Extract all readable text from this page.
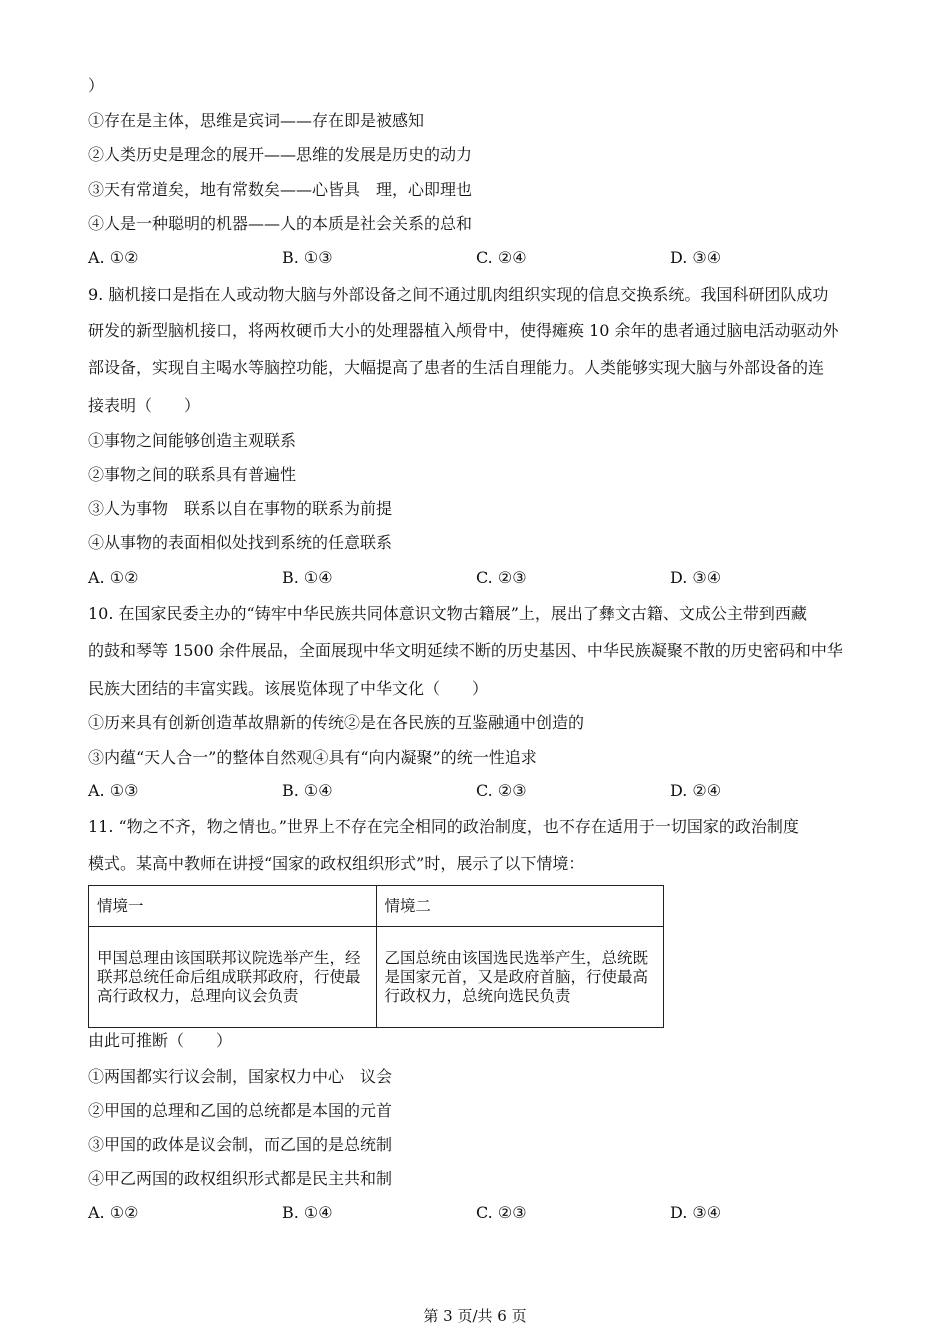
）
①存在是主体，思维是宾词——存在即是被感知
②人类历史是理念的展开——思维的发展是历史的动力
③天有常道矣，地有常数矣——心皆具　理，心即理也
④人是一种聪明的机器——人的本质是社会关系的总和
A. ①②	B. ①③	C. ②④	D. ③④
9. 脑机接口是指在人或动物大脑与外部设备之间不通过肌肉组织实现的信息交换系统。我国科研团队成功
研发的新型脑机接口，将两枚硬币大小的处理器植入颅骨中，使得瘫痪 10 余年的患者通过脑电活动驱动外
部设备，实现自主喝水等脑控功能，大幅提高了患者的生活自理能力。人类能够实现大脑与外部设备的连
接表明（　　）
①事物之间能够创造主观联系
②事物之间的联系具有普遍性
③人为事物　联系以自在事物的联系为前提
④从事物的表面相似处找到系统的任意联系
A. ①②	B. ①④	C. ②③	D. ③④
10. 在国家民委主办的“铸牢中华民族共同体意识文物古籍展”上，展出了彝文古籍、文成公主带到西藏
的鼓和琴等 1500 余件展品，全面展现中华文明延续不断的历史基因、中华民族凝聚不散的历史密码和中华
民族大团结的丰富实践。该展览体现了中华文化（　　）
①历来具有创新创造革故鼎新的传统②是在各民族的互鉴融通中创造的
③内蕴“天人合一”的整体自然观④具有“向内凝聚”的统一性追求
A. ①③	B. ①④	C. ②③	D. ②④
11. “物之不齐，物之情也。”世界上不存在完全相同的政治制度，也不存在适用于一切国家的政治制度
模式。某高中教师在讲授“国家的政权组织形式”时，展示了以下情境：
情境一	情境二
甲国总理由该国联邦议院选举产生，经联邦总统任命后组成联邦政府，行使最高行政权力，总理向议会负责	乙国总统由该国选民选举产生，总统既是国家元首，又是政府首脑，行使最高行政权力，总统向选民负责
由此可推断（　　）
①两国都实行议会制，国家权力中心　议会
②甲国的总理和乙国的总统都是本国的元首
③甲国的政体是议会制，而乙国的是总统制
④甲乙两国的政权组织形式都是民主共和制
A. ①②	B. ①④	C. ②③	D. ③④
第 3 页/共 6 页
